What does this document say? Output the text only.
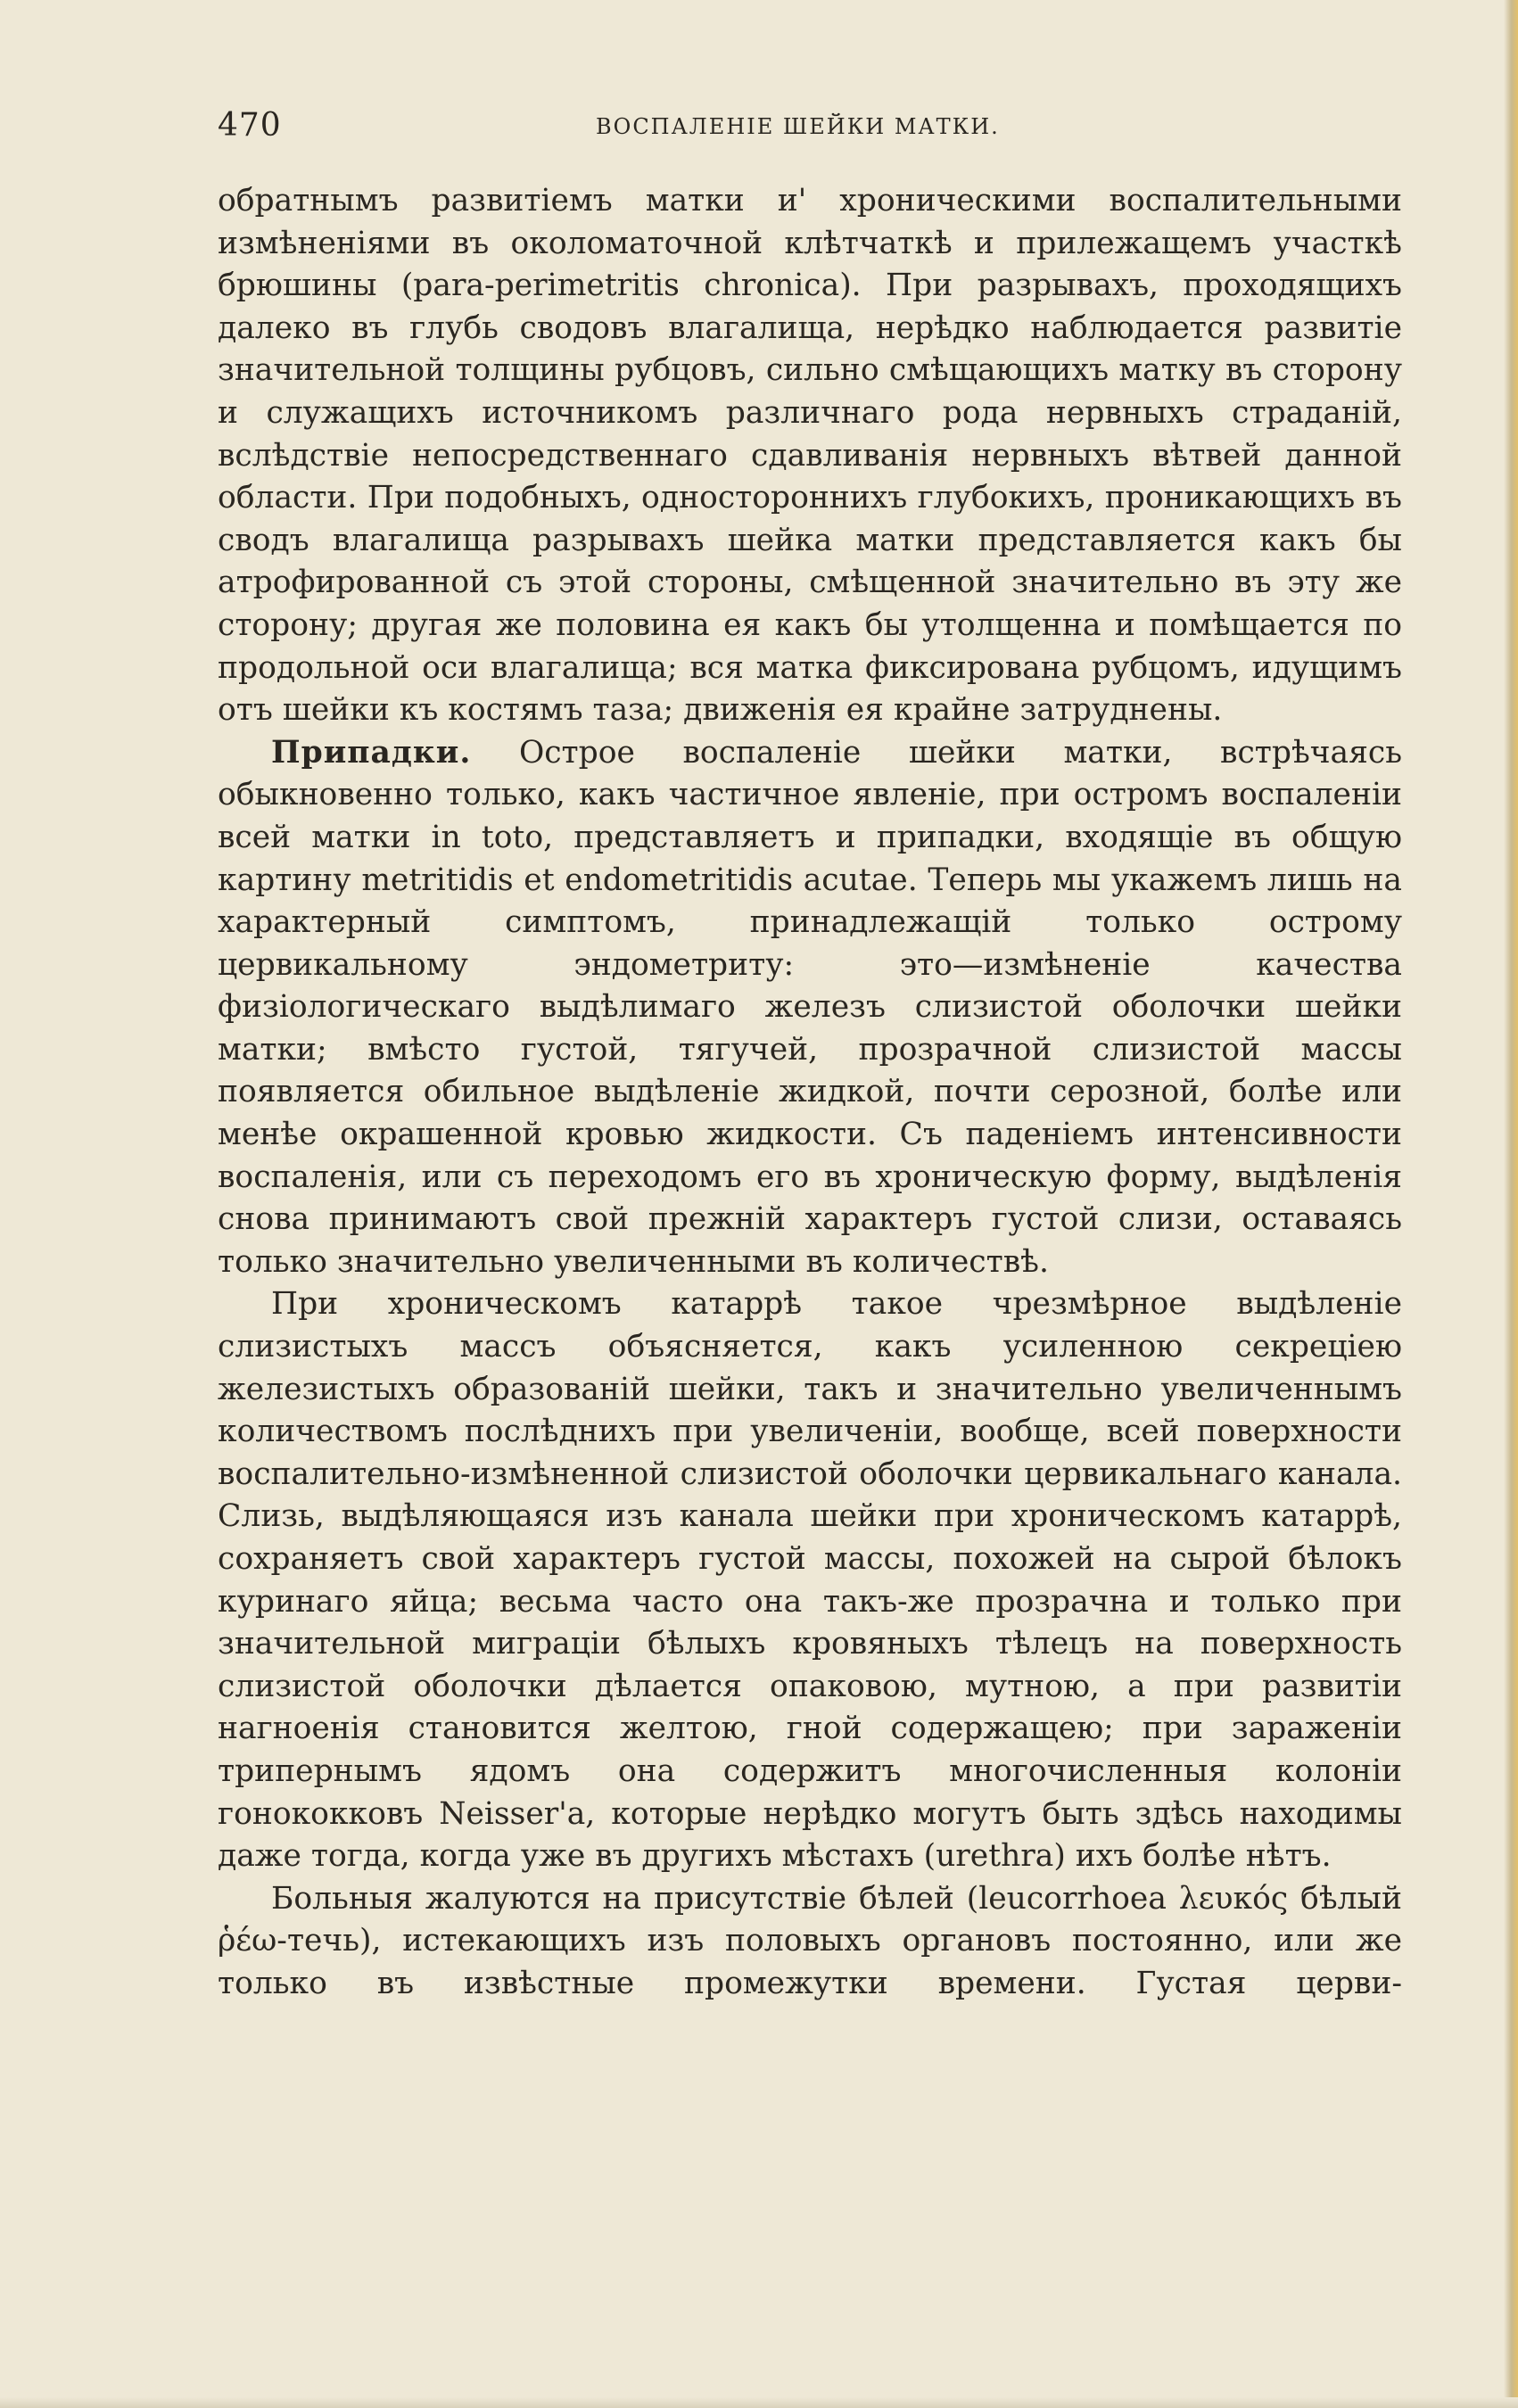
470	ВОСПАЛЕНІЕ ШЕЙКИ МАТКИ.

обратнымъ развитіемъ матки и' хроническими воспалительными измѣненіями въ околоматочной клѣтчаткѣ и прилежащемъ участкѣ брюшины (para-perimetritis chronica). При разрывахъ, проходящихъ далеко въ глубь сводовъ влагалища, нерѣдко наблюдается развитіе значительной толщины рубцовъ, сильно смѣщающихъ матку въ сторону и служащихъ источникомъ различнаго рода нервныхъ страданій, вслѣдствіе непосредственнаго сдавливанія нервныхъ вѣтвей данной области. При подобныхъ, одностороннихъ глубокихъ, проникающихъ въ сводъ влагалища разрывахъ шейка матки представляется какъ бы атрофированной съ этой стороны, смѣщенной значительно въ эту же сторону; другая же половина ея какъ бы утолщенна и помѣщается по продольной оси влагалища; вся матка фиксирована рубцомъ, идущимъ отъ шейки къ костямъ таза; движенія ея крайне затруднены.

Припадки. Острое воспаленіе шейки матки, встрѣчаясь обыкновенно только, какъ частичное явленіе, при остромъ воспаленіи всей матки in toto, представляетъ и припадки, входящіе въ общую картину metritidis et endometritidis acutae. Теперь мы укажемъ лишь на характерный симптомъ, принадлежащій только острому цервикальному эндометриту: это—измѣненіе качества физіологическаго выдѣлимаго железъ слизистой оболочки шейки матки; вмѣсто густой, тягучей, прозрачной слизистой массы появляется обильное выдѣленіе жидкой, почти серозной, болѣе или менѣе окрашенной кровью жидкости. Съ паденіемъ интенсивности воспаленія, или съ переходомъ его въ хроническую форму, выдѣленія снова принимаютъ свой прежній характеръ густой слизи, оставаясь только значительно увеличенными въ количествѣ.

При хроническомъ катаррѣ такое чрезмѣрное выдѣленіе слизистыхъ массъ объясняется, какъ усиленною секреціею железистыхъ образованій шейки, такъ и значительно увеличеннымъ количествомъ послѣднихъ при увеличеніи, вообще, всей поверхности воспалительно-измѣненной слизистой оболочки цервикальнаго канала. Слизь, выдѣляющаяся изъ канала шейки при хроническомъ катаррѣ, сохраняетъ свой характеръ густой массы, похожей на сырой бѣлокъ куринаго яйца; весьма часто она такъ-же прозрачна и только при значительной миграціи бѣлыхъ кровяныхъ тѣлецъ на поверхность слизистой оболочки дѣлается опаковою, мутною, а при развитіи нагноенія становится желтою, гной содержащею; при зараженіи трипернымъ ядомъ она содержитъ многочисленныя колоніи гонококковъ Neisser'а, которые нерѣдко могутъ быть здѣсь находимы даже тогда, когда уже въ другихъ мѣстахъ (urethra) ихъ болѣе нѣтъ.

Больныя жалуются на присутствіе бѣлей (leucorrhoea λευκός бѣлый ῥέω-течь), истекающихъ изъ половыхъ органовъ постоянно, или же только въ извѣстные промежутки времени. Густая церви-
